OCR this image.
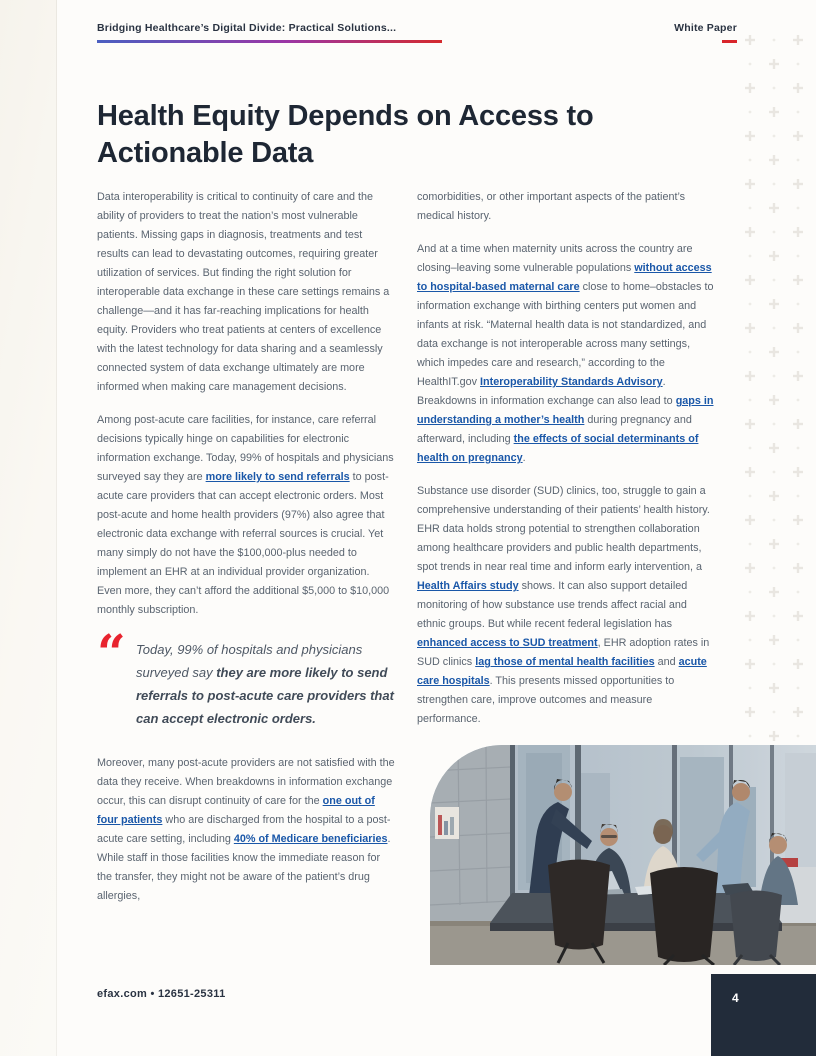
Bridging Healthcare’s Digital Divide: Practical Solutions...	White Paper
Health Equity Depends on Access to
Actionable Data

Data interoperability is critical to continuity of care and the ability of providers to treat the nation’s most vulnerable patients. Missing gaps in diagnosis, treatments and test results can lead to devastating outcomes, requiring greater utilization of services. But finding the right solution for interoperable data exchange in these care settings remains a challenge—and it has far-reaching implications for health equity. Providers who treat patients at centers of excellence with the latest technology for data sharing and a seamlessly connected system of data exchange ultimately are more informed when making care management decisions.

Among post-acute care facilities, for instance, care referral decisions typically hinge on capabilities for electronic information exchange. Today, 99% of hospitals and physicians surveyed say they are more likely to send referrals to post-acute care providers that can accept electronic orders. Most post-acute and home health providers (97%) also agree that electronic data exchange with referral sources is crucial. Yet many simply do not have the $100,000-plus needed to implement an EHR at an individual provider organization. Even more, they can’t afford the additional $5,000 to $10,000 monthly subscription.

“ Today, 99% of hospitals and physicians surveyed say they are more likely to send referrals to post-acute care providers that can accept electronic orders.

Moreover, many post-acute providers are not satisfied with the data they receive. When breakdowns in information exchange occur, this can disrupt continuity of care for the one out of four patients who are discharged from the hospital to a post-acute care setting, including 40% of Medicare beneficiaries. While staff in those facilities know the immediate reason for the transfer, they might not be aware of the patient’s drug allergies,

comorbidities, or other important aspects of the patient’s medical history.

And at a time when maternity units across the country are closing–leaving some vulnerable populations without access to hospital-based maternal care close to home–obstacles to information exchange with birthing centers put women and infants at risk. “Maternal health data is not standardized, and data exchange is not interoperable across many settings, which impedes care and research,” according to the HealthIT.gov Interoperability Standards Advisory. Breakdowns in information exchange can also lead to gaps in understanding a mother’s health during pregnancy and afterward, including the effects of social determinants of health on pregnancy.

Substance use disorder (SUD) clinics, too, struggle to gain a comprehensive understanding of their patients’ health history. EHR data holds strong potential to strengthen collaboration among healthcare providers and public health departments, spot trends in near real time and inform early intervention, a Health Affairs study shows. It can also support detailed monitoring of how substance use trends affect racial and ethnic groups. But while recent federal legislation has enhanced access to SUD treatment, EHR adoption rates in SUD clinics lag those of mental health facilities and acute care hospitals. This presents missed opportunities to strengthen care, improve outcomes and measure performance.

efax.com • 12651-25311	4
